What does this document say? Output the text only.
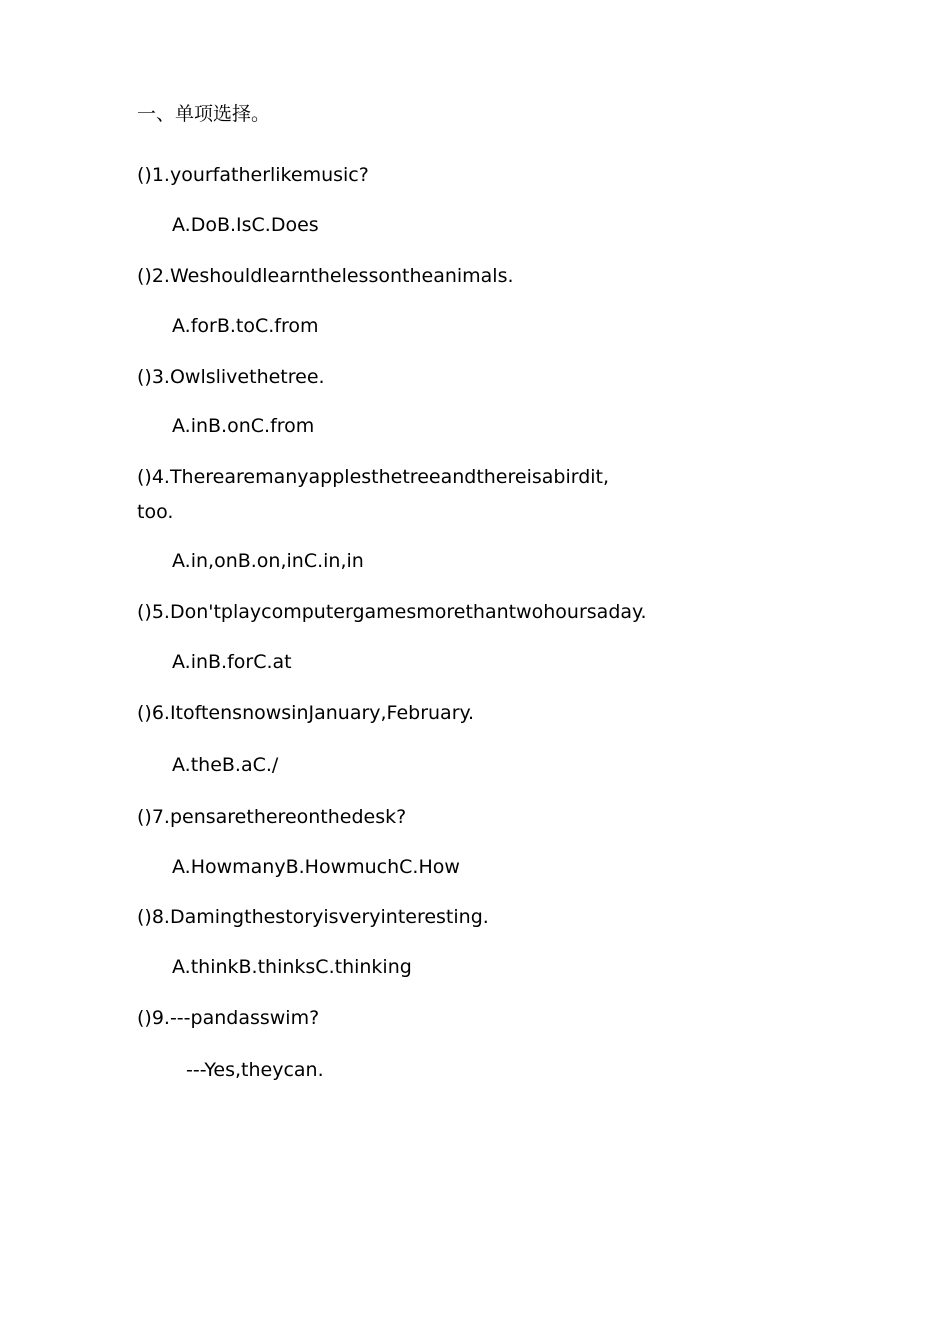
一、单项选择。
()1.yourfatherlikemusic?
A.DoB.IsC.Does
()2.Weshouldlearnthelessontheanimals.
A.forB.toC.from
()3.Owlslivethetree.
A.inB.onC.from
()4.Therearemanyapplesthetreeandthereisabirdit,
too.
A.in,onB.on,inC.in,in
()5.Don'tplaycomputergamesmorethantwohoursaday.
A.inB.forC.at
()6.ItoftensnowsinJanuary,February.
A.theB.aC./
()7.pensarethereonthedesk?
A.HowmanyB.HowmuchC.How
()8.Damingthestoryisveryinteresting.
A.thinkB.thinksC.thinking
()9.---pandasswim?
---Yes,theycan.
